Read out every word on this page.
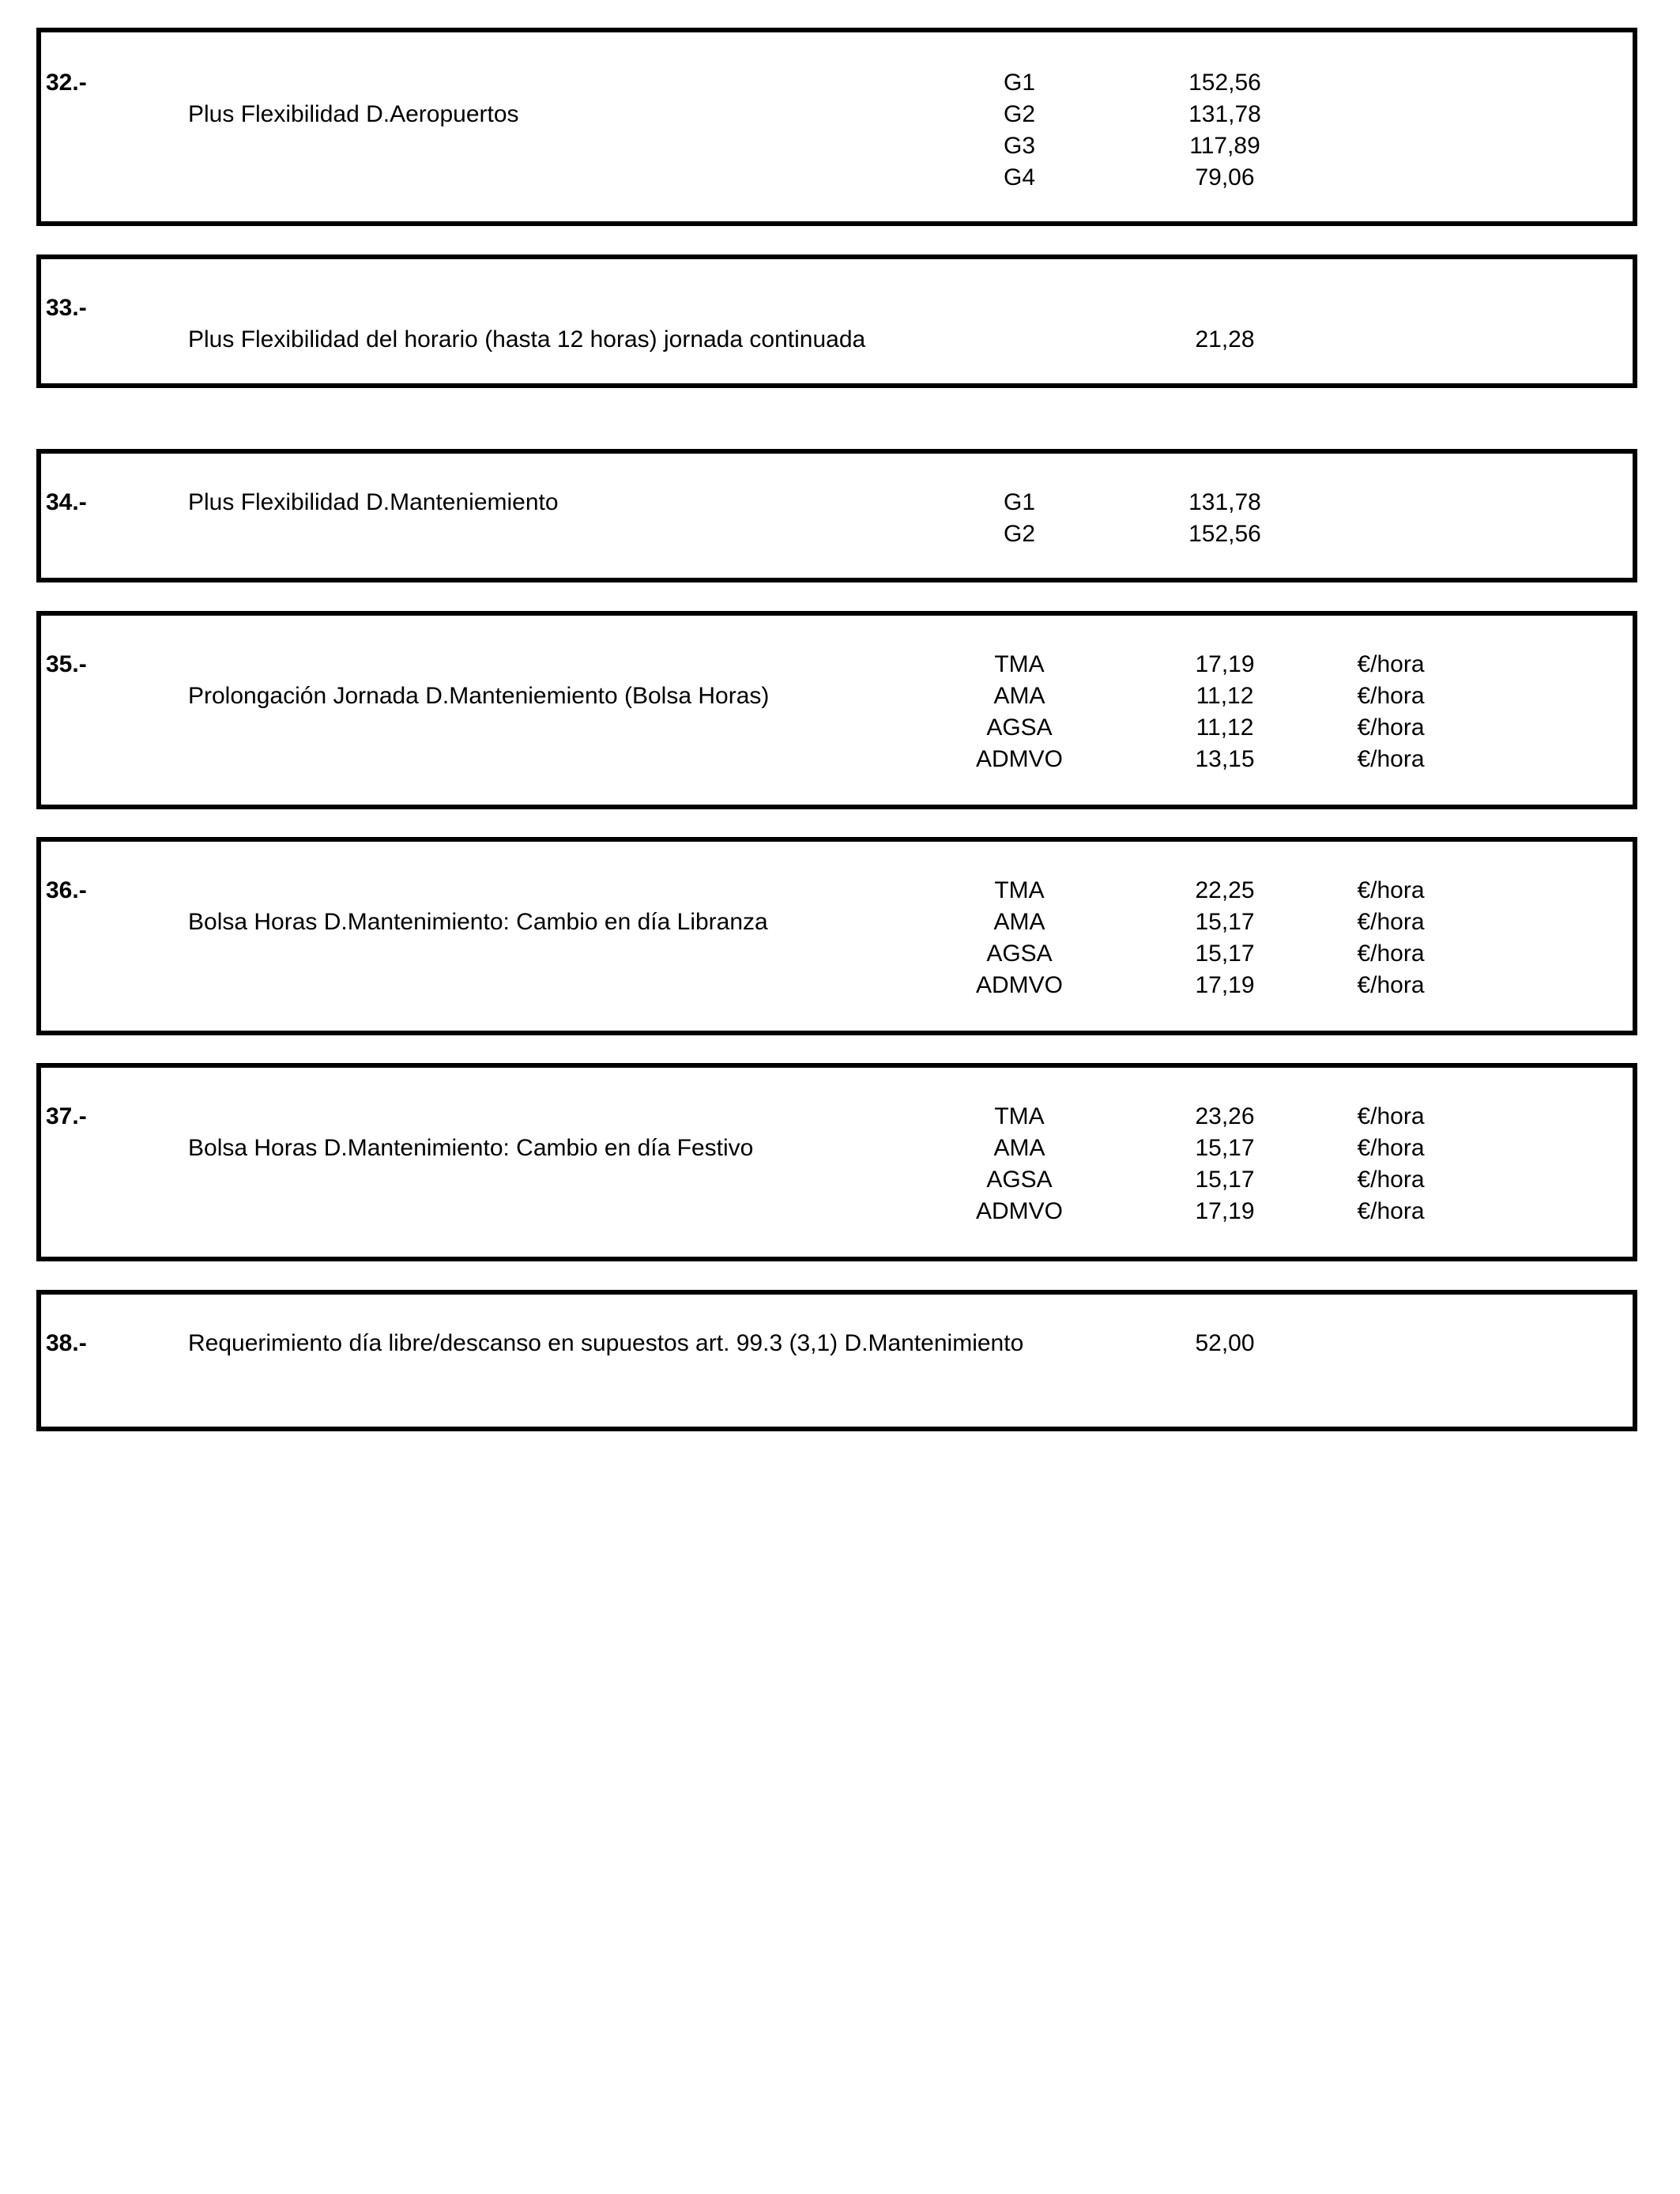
32.-
Plus Flexibilidad D.Aeropuertos
G1	152,56
G2	131,78
G3	117,89
G4	79,06
33.-
Plus Flexibilidad del horario (hasta 12 horas) jornada continuada	21,28
34.-	Plus Flexibilidad D.Manteniemiento	G1	131,78
G2	152,56
35.-
Prolongación Jornada D.Manteniemiento (Bolsa Horas)
TMA	17,19	€/hora
AMA	11,12	€/hora
AGSA	11,12	€/hora
ADMVO	13,15	€/hora
36.-
Bolsa Horas D.Mantenimiento: Cambio en día Libranza
TMA	22,25	€/hora
AMA	15,17	€/hora
AGSA	15,17	€/hora
ADMVO	17,19	€/hora
37.-
Bolsa Horas D.Mantenimiento: Cambio en día Festivo
TMA	23,26	€/hora
AMA	15,17	€/hora
AGSA	15,17	€/hora
ADMVO	17,19	€/hora
38.-	Requerimiento día libre/descanso en supuestos art. 99.3 (3,1) D.Mantenimiento	52,00
